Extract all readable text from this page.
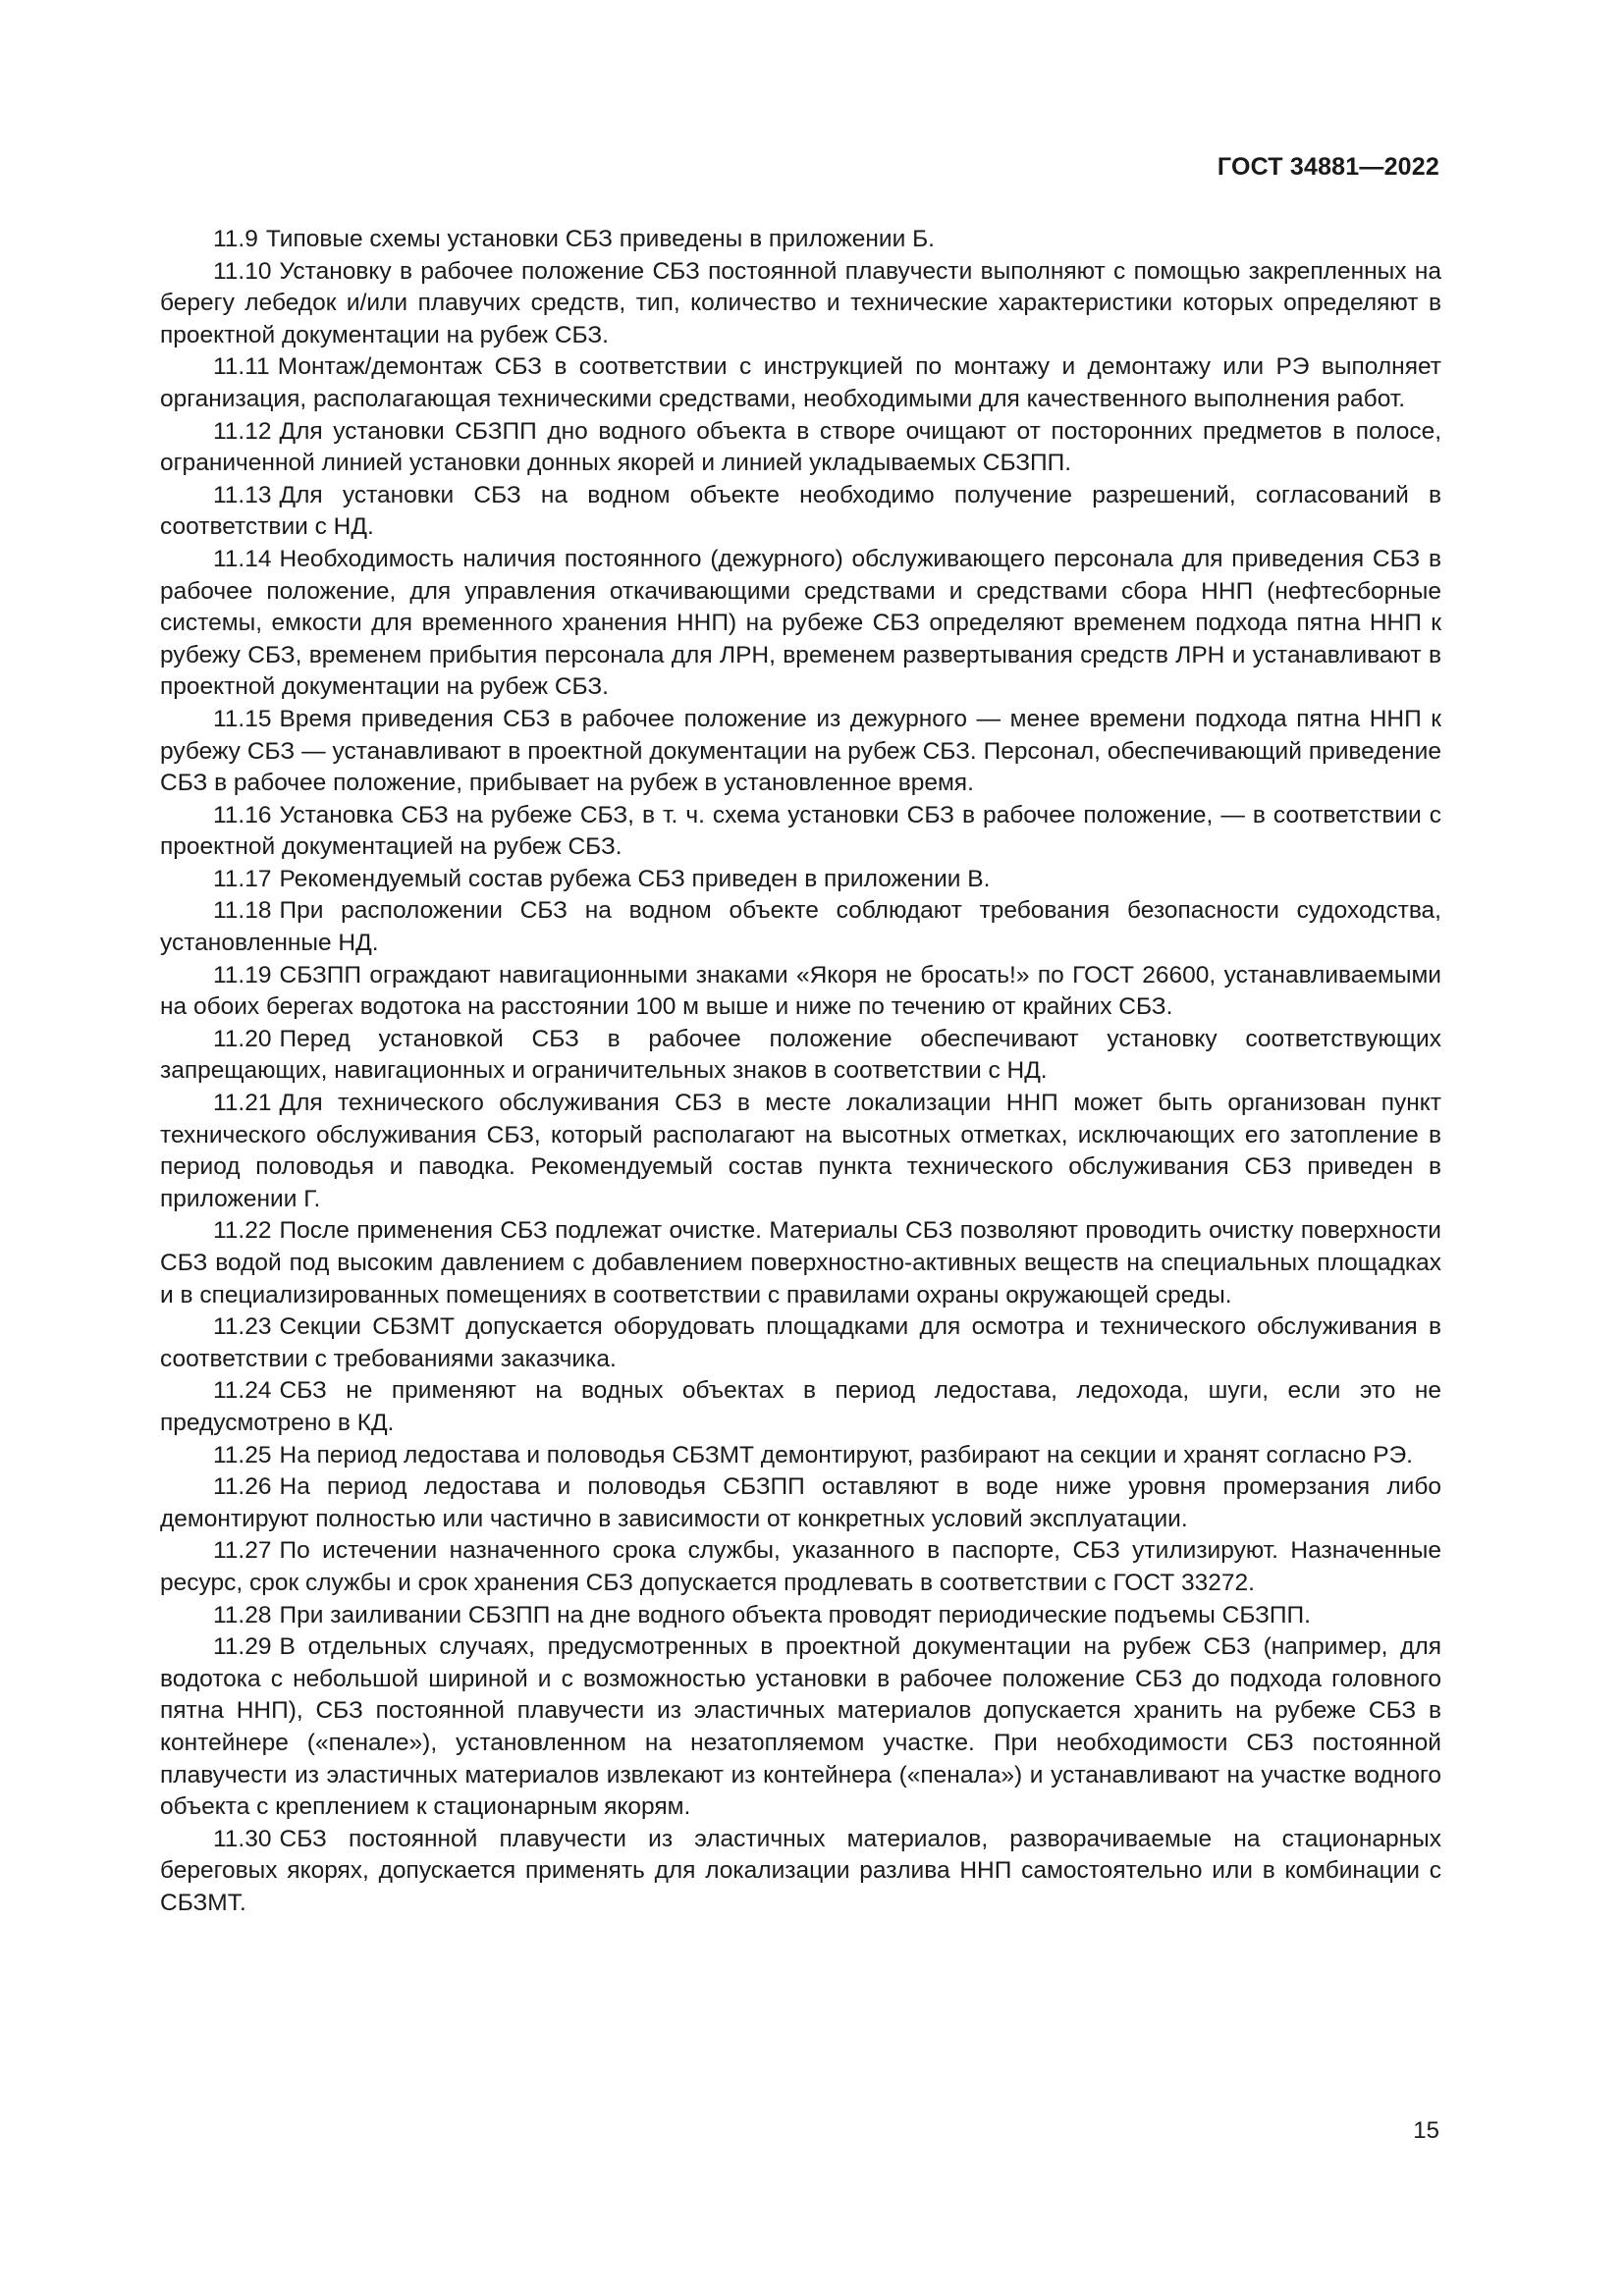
ГОСТ 34881—2022

11.9 Типовые схемы установки СБЗ приведены в приложении Б.

11.10 Установку в рабочее положение СБЗ постоянной плавучести выполняют с помощью закрепленных на берегу лебедок и/или плавучих средств, тип, количество и технические характеристики которых определяют в проектной документации на рубеж СБЗ.

11.11 Монтаж/демонтаж СБЗ в соответствии с инструкцией по монтажу и демонтажу или РЭ выполняет организация, располагающая техническими средствами, необходимыми для качественного выполнения работ.

11.12 Для установки СБЗПП дно водного объекта в створе очищают от посторонних предметов в полосе, ограниченной линией установки донных якорей и линией укладываемых СБЗПП.

11.13 Для установки СБЗ на водном объекте необходимо получение разрешений, согласований в соответствии с НД.

11.14 Необходимость наличия постоянного (дежурного) обслуживающего персонала для приведения СБЗ в рабочее положение, для управления откачивающими средствами и средствами сбора ННП (нефтесборные системы, емкости для временного хранения ННП) на рубеже СБЗ определяют временем подхода пятна ННП к рубежу СБЗ, временем прибытия персонала для ЛРН, временем развертывания средств ЛРН и устанавливают в проектной документации на рубеж СБЗ.

11.15 Время приведения СБЗ в рабочее положение из дежурного — менее времени подхода пятна ННП к рубежу СБЗ — устанавливают в проектной документации на рубеж СБЗ. Персонал, обеспечивающий приведение СБЗ в рабочее положение, прибывает на рубеж в установленное время.

11.16 Установка СБЗ на рубеже СБЗ, в т. ч. схема установки СБЗ в рабочее положение, — в соответствии с проектной документацией на рубеж СБЗ.

11.17 Рекомендуемый состав рубежа СБЗ приведен в приложении В.

11.18 При расположении СБЗ на водном объекте соблюдают требования безопасности судоходства, установленные НД.

11.19 СБЗПП ограждают навигационными знаками «Якоря не бросать!» по ГОСТ 26600, устанавливаемыми на обоих берегах водотока на расстоянии 100 м выше и ниже по течению от крайних СБЗ.

11.20 Перед установкой СБЗ в рабочее положение обеспечивают установку соответствующих запрещающих, навигационных и ограничительных знаков в соответствии с НД.

11.21 Для технического обслуживания СБЗ в месте локализации ННП может быть организован пункт технического обслуживания СБЗ, который располагают на высотных отметках, исключающих его затопление в период половодья и паводка. Рекомендуемый состав пункта технического обслуживания СБЗ приведен в приложении Г.

11.22 После применения СБЗ подлежат очистке. Материалы СБЗ позволяют проводить очистку поверхности СБЗ водой под высоким давлением с добавлением поверхностно-активных веществ на специальных площадках и в специализированных помещениях в соответствии с правилами охраны окружающей среды.

11.23 Секции СБЗМТ допускается оборудовать площадками для осмотра и технического обслуживания в соответствии с требованиями заказчика.

11.24 СБЗ не применяют на водных объектах в период ледостава, ледохода, шуги, если это не предусмотрено в КД.

11.25 На период ледостава и половодья СБЗМТ демонтируют, разбирают на секции и хранят согласно РЭ.

11.26 На период ледостава и половодья СБЗПП оставляют в воде ниже уровня промерзания либо демонтируют полностью или частично в зависимости от конкретных условий эксплуатации.

11.27 По истечении назначенного срока службы, указанного в паспорте, СБЗ утилизируют. Назначенные ресурс, срок службы и срок хранения СБЗ допускается продлевать в соответствии с ГОСТ 33272.

11.28 При заиливании СБЗПП на дне водного объекта проводят периодические подъемы СБЗПП.

11.29 В отдельных случаях, предусмотренных в проектной документации на рубеж СБЗ (например, для водотока с небольшой шириной и с возможностью установки в рабочее положение СБЗ до подхода головного пятна ННП), СБЗ постоянной плавучести из эластичных материалов допускается хранить на рубеже СБЗ в контейнере («пенале»), установленном на незатопляемом участке. При необходимости СБЗ постоянной плавучести из эластичных материалов извлекают из контейнера («пенала») и устанавливают на участке водного объекта с креплением к стационарным якорям.

11.30 СБЗ постоянной плавучести из эластичных материалов, разворачиваемые на стационарных береговых якорях, допускается применять для локализации разлива ННП самостоятельно или в комбинации с СБЗМТ.

15
